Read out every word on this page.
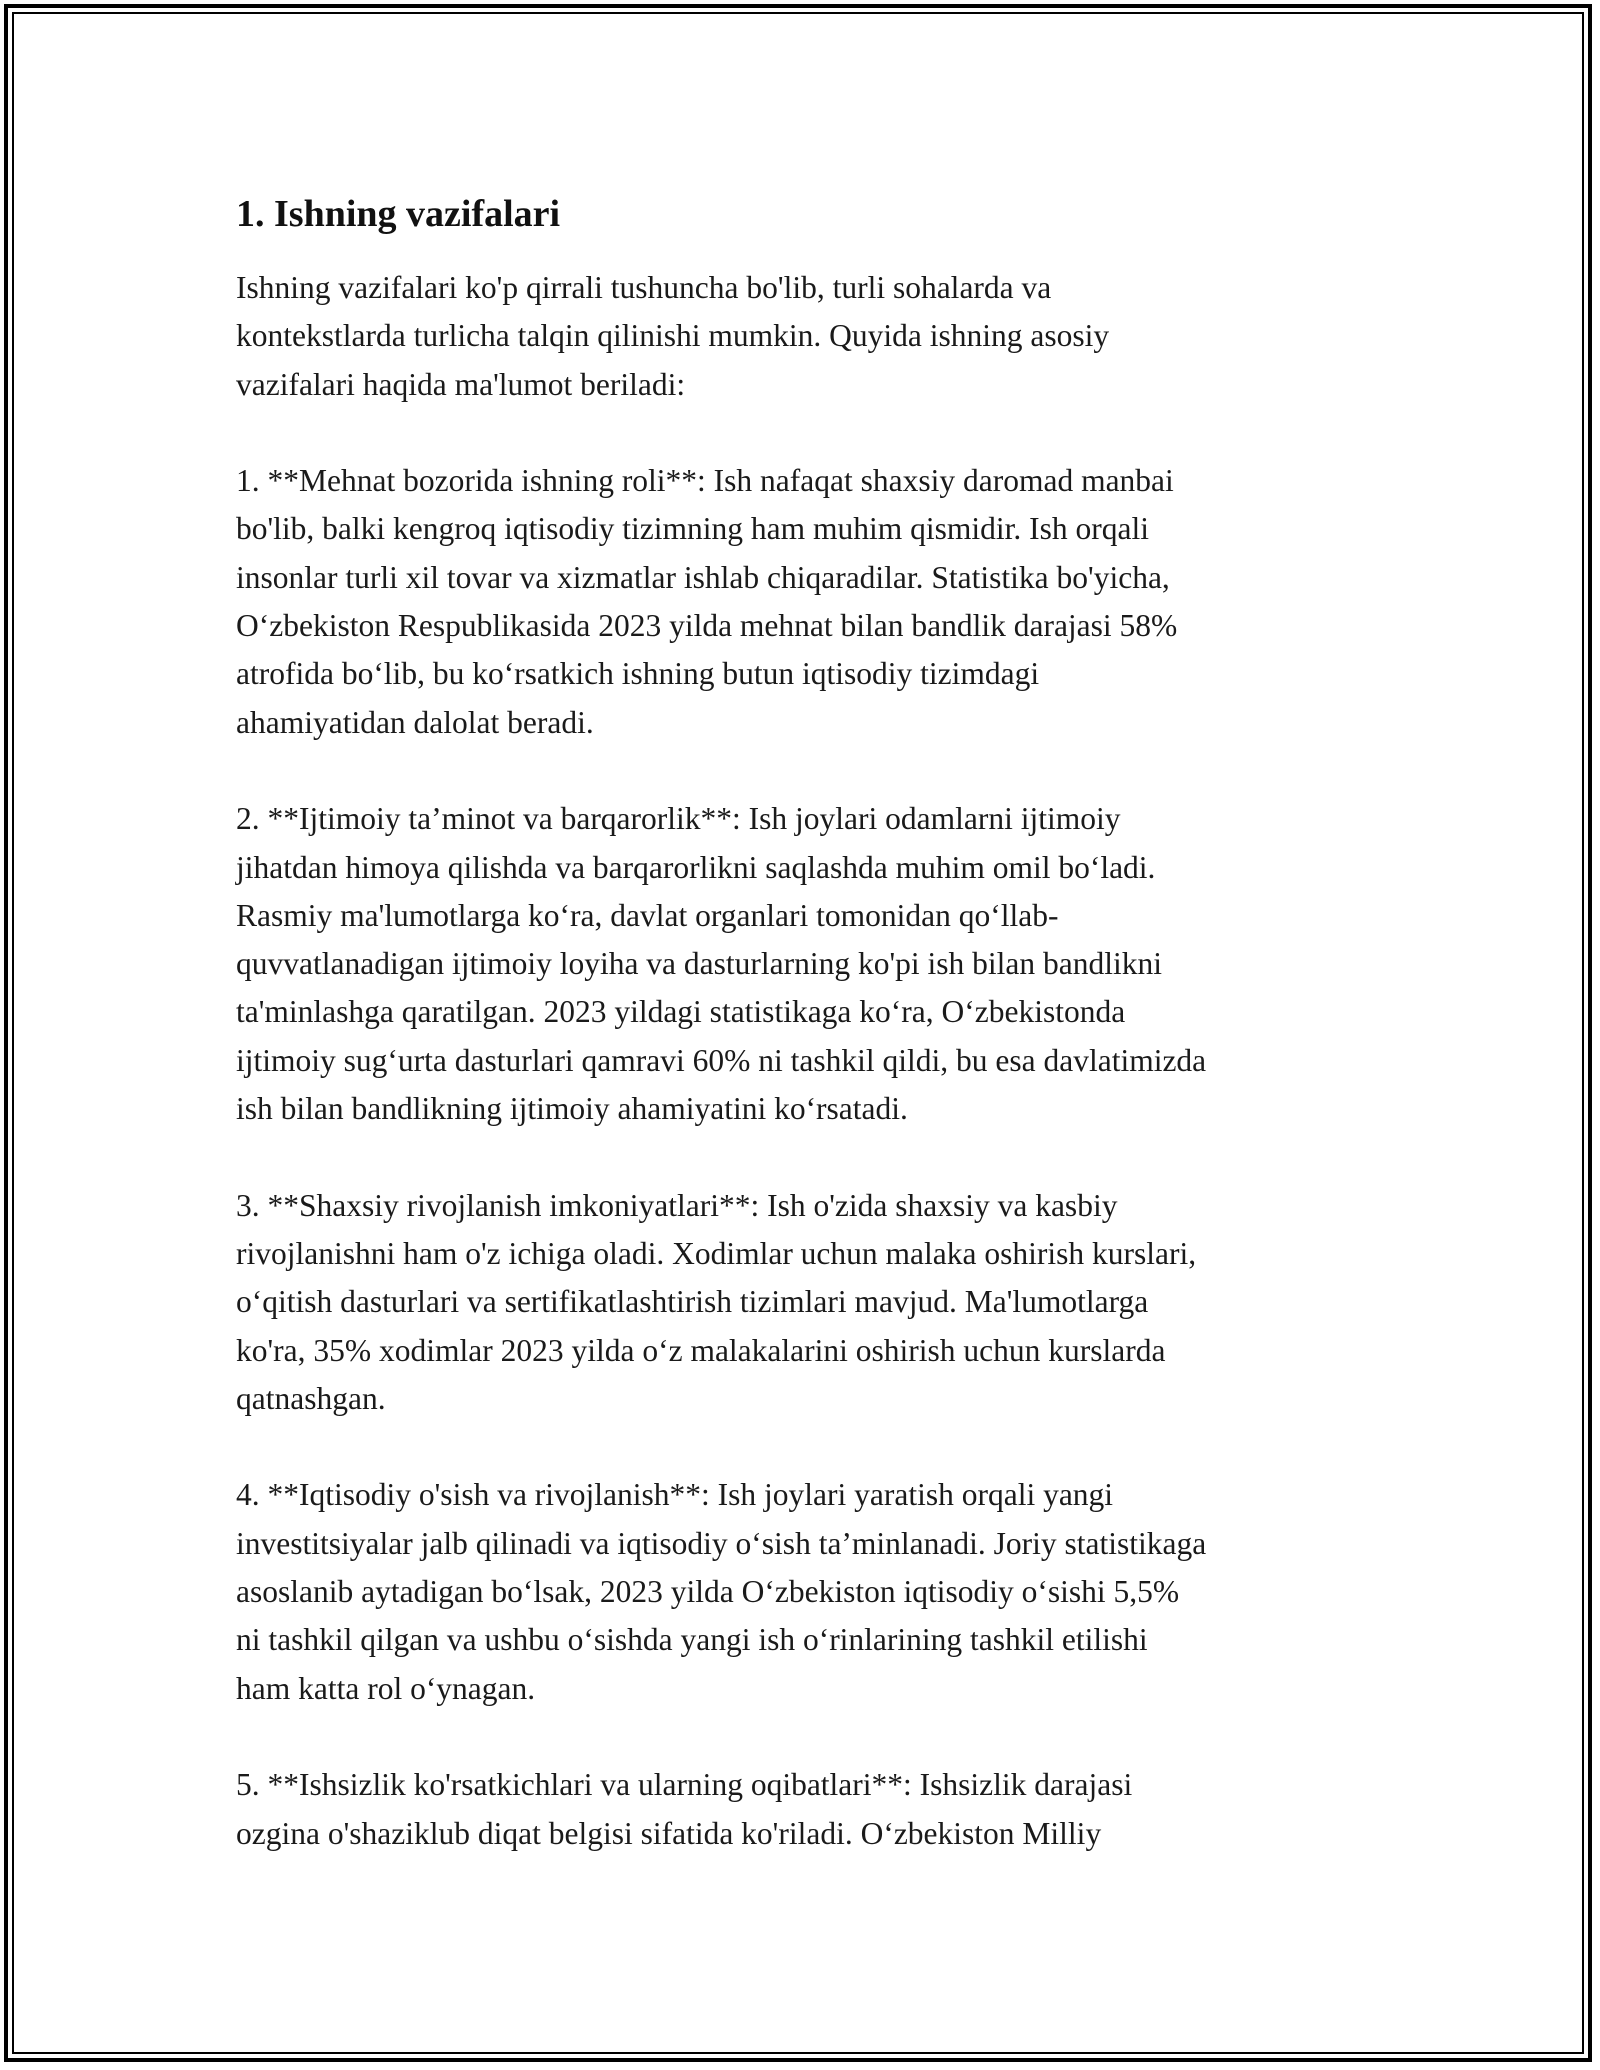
1. Ishning vazifalari

Ishning vazifalari ko'p qirrali tushuncha bo'lib, turli sohalarda va
kontekstlarda turlicha talqin qilinishi mumkin. Quyida ishning asosiy
vazifalari haqida ma'lumot beriladi:

1. **Mehnat bozorida ishning roli**: Ish nafaqat shaxsiy daromad manbai
bo'lib, balki kengroq iqtisodiy tizimning ham muhim qismidir. Ish orqali
insonlar turli xil tovar va xizmatlar ishlab chiqaradilar. Statistika bo'yicha,
O‘zbekiston Respublikasida 2023 yilda mehnat bilan bandlik darajasi 58%
atrofida bo‘lib, bu ko‘rsatkich ishning butun iqtisodiy tizimdagi
ahamiyatidan dalolat beradi.

2. **Ijtimoiy ta’minot va barqarorlik**: Ish joylari odamlarni ijtimoiy
jihatdan himoya qilishda va barqarorlikni saqlashda muhim omil bo‘ladi.
Rasmiy ma'lumotlarga ko‘ra, davlat organlari tomonidan qo‘llab-
quvvatlanadigan ijtimoiy loyiha va dasturlarning ko'pi ish bilan bandlikni
ta'minlashga qaratilgan. 2023 yildagi statistikaga ko‘ra, O‘zbekistonda
ijtimoiy sug‘urta dasturlari qamravi 60% ni tashkil qildi, bu esa davlatimizda
ish bilan bandlikning ijtimoiy ahamiyatini ko‘rsatadi.

3. **Shaxsiy rivojlanish imkoniyatlari**: Ish o'zida shaxsiy va kasbiy
rivojlanishni ham o'z ichiga oladi. Xodimlar uchun malaka oshirish kurslari,
o‘qitish dasturlari va sertifikatlashtirish tizimlari mavjud. Ma'lumotlarga
ko'ra, 35% xodimlar 2023 yilda o‘z malakalarini oshirish uchun kurslarda
qatnashgan.

4. **Iqtisodiy o'sish va rivojlanish**: Ish joylari yaratish orqali yangi
investitsiyalar jalb qilinadi va iqtisodiy o‘sish ta’minlanadi. Joriy statistikaga
asoslanib aytadigan bo‘lsak, 2023 yilda O‘zbekiston iqtisodiy o‘sishi 5,5%
ni tashkil qilgan va ushbu o‘sishda yangi ish o‘rinlarining tashkil etilishi
ham katta rol o‘ynagan.

5. **Ishsizlik ko'rsatkichlari va ularning oqibatlari**: Ishsizlik darajasi
ozgina o'shaziklub diqat belgisi sifatida ko'riladi. O‘zbekiston Milliy
